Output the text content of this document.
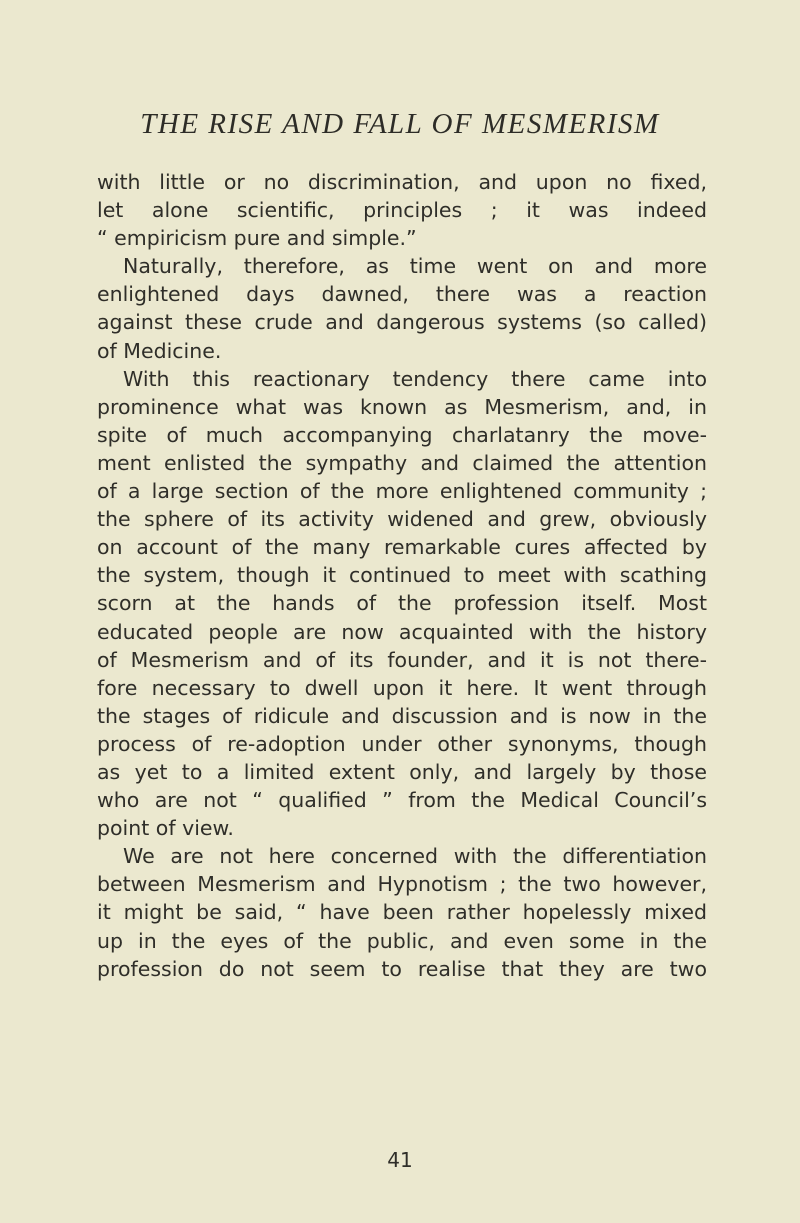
THE RISE AND FALL OF MESMERISM
with little or no discrimination, and upon no fixed,
let alone scientific, principles ; it was indeed
“ empiricism pure and simple.”
Naturally, therefore, as time went on and more
enlightened days dawned, there was a reaction
against these crude and dangerous systems (so called)
of Medicine.
With this reactionary tendency there came into
prominence what was known as Mesmerism, and, in
spite of much accompanying charlatanry the move-
ment enlisted the sympathy and claimed the attention
of a large section of the more enlightened community ;
the sphere of its activity widened and grew, obviously
on account of the many remarkable cures affected by
the system, though it continued to meet with scathing
scorn at the hands of the profession itself. Most
educated people are now acquainted with the history
of Mesmerism and of its founder, and it is not there-
fore necessary to dwell upon it here. It went through
the stages of ridicule and discussion and is now in the
process of re-adoption under other synonyms, though
as yet to a limited extent only, and largely by those
who are not “ qualified ” from the Medical Council’s
point of view.
We are not here concerned with the differentiation
between Mesmerism and Hypnotism ; the two however,
it might be said, “ have been rather hopelessly mixed
up in the eyes of the public, and even some in the
profession do not seem to realise that they are two
41
